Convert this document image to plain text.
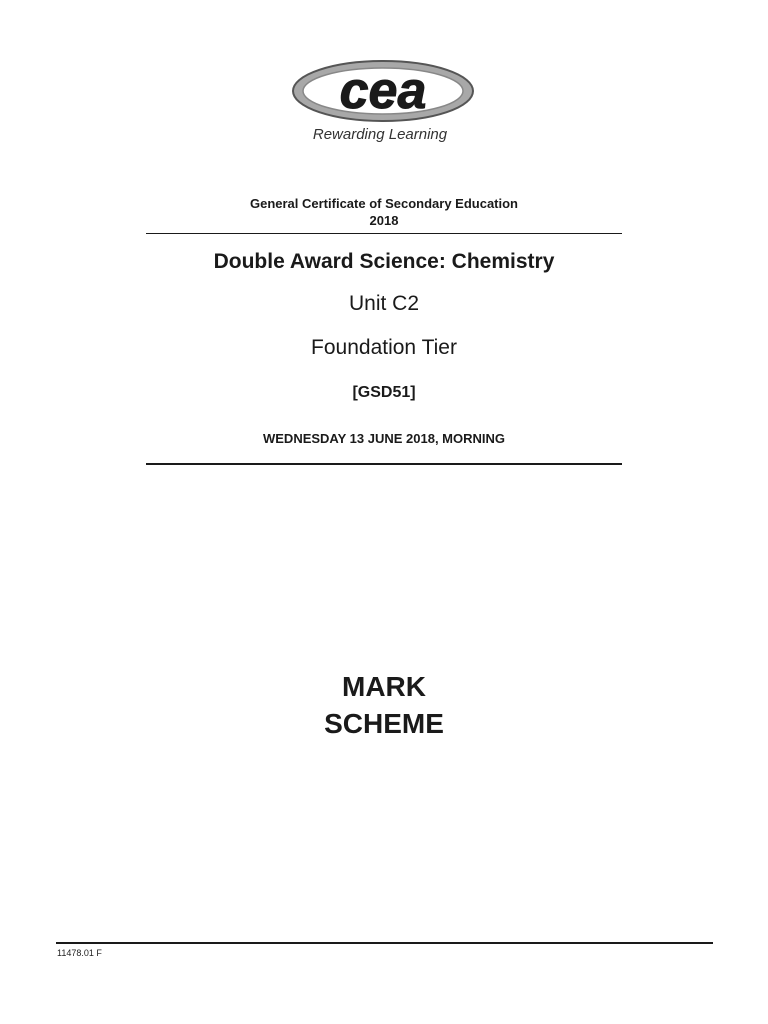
cea
Rewarding Learning
General Certificate of Secondary Education
2018
Double Award Science: Chemistry
Unit C2
Foundation Tier
[GSD51]
WEDNESDAY 13 JUNE 2018, MORNING
MARK
SCHEME
11478.01 F
